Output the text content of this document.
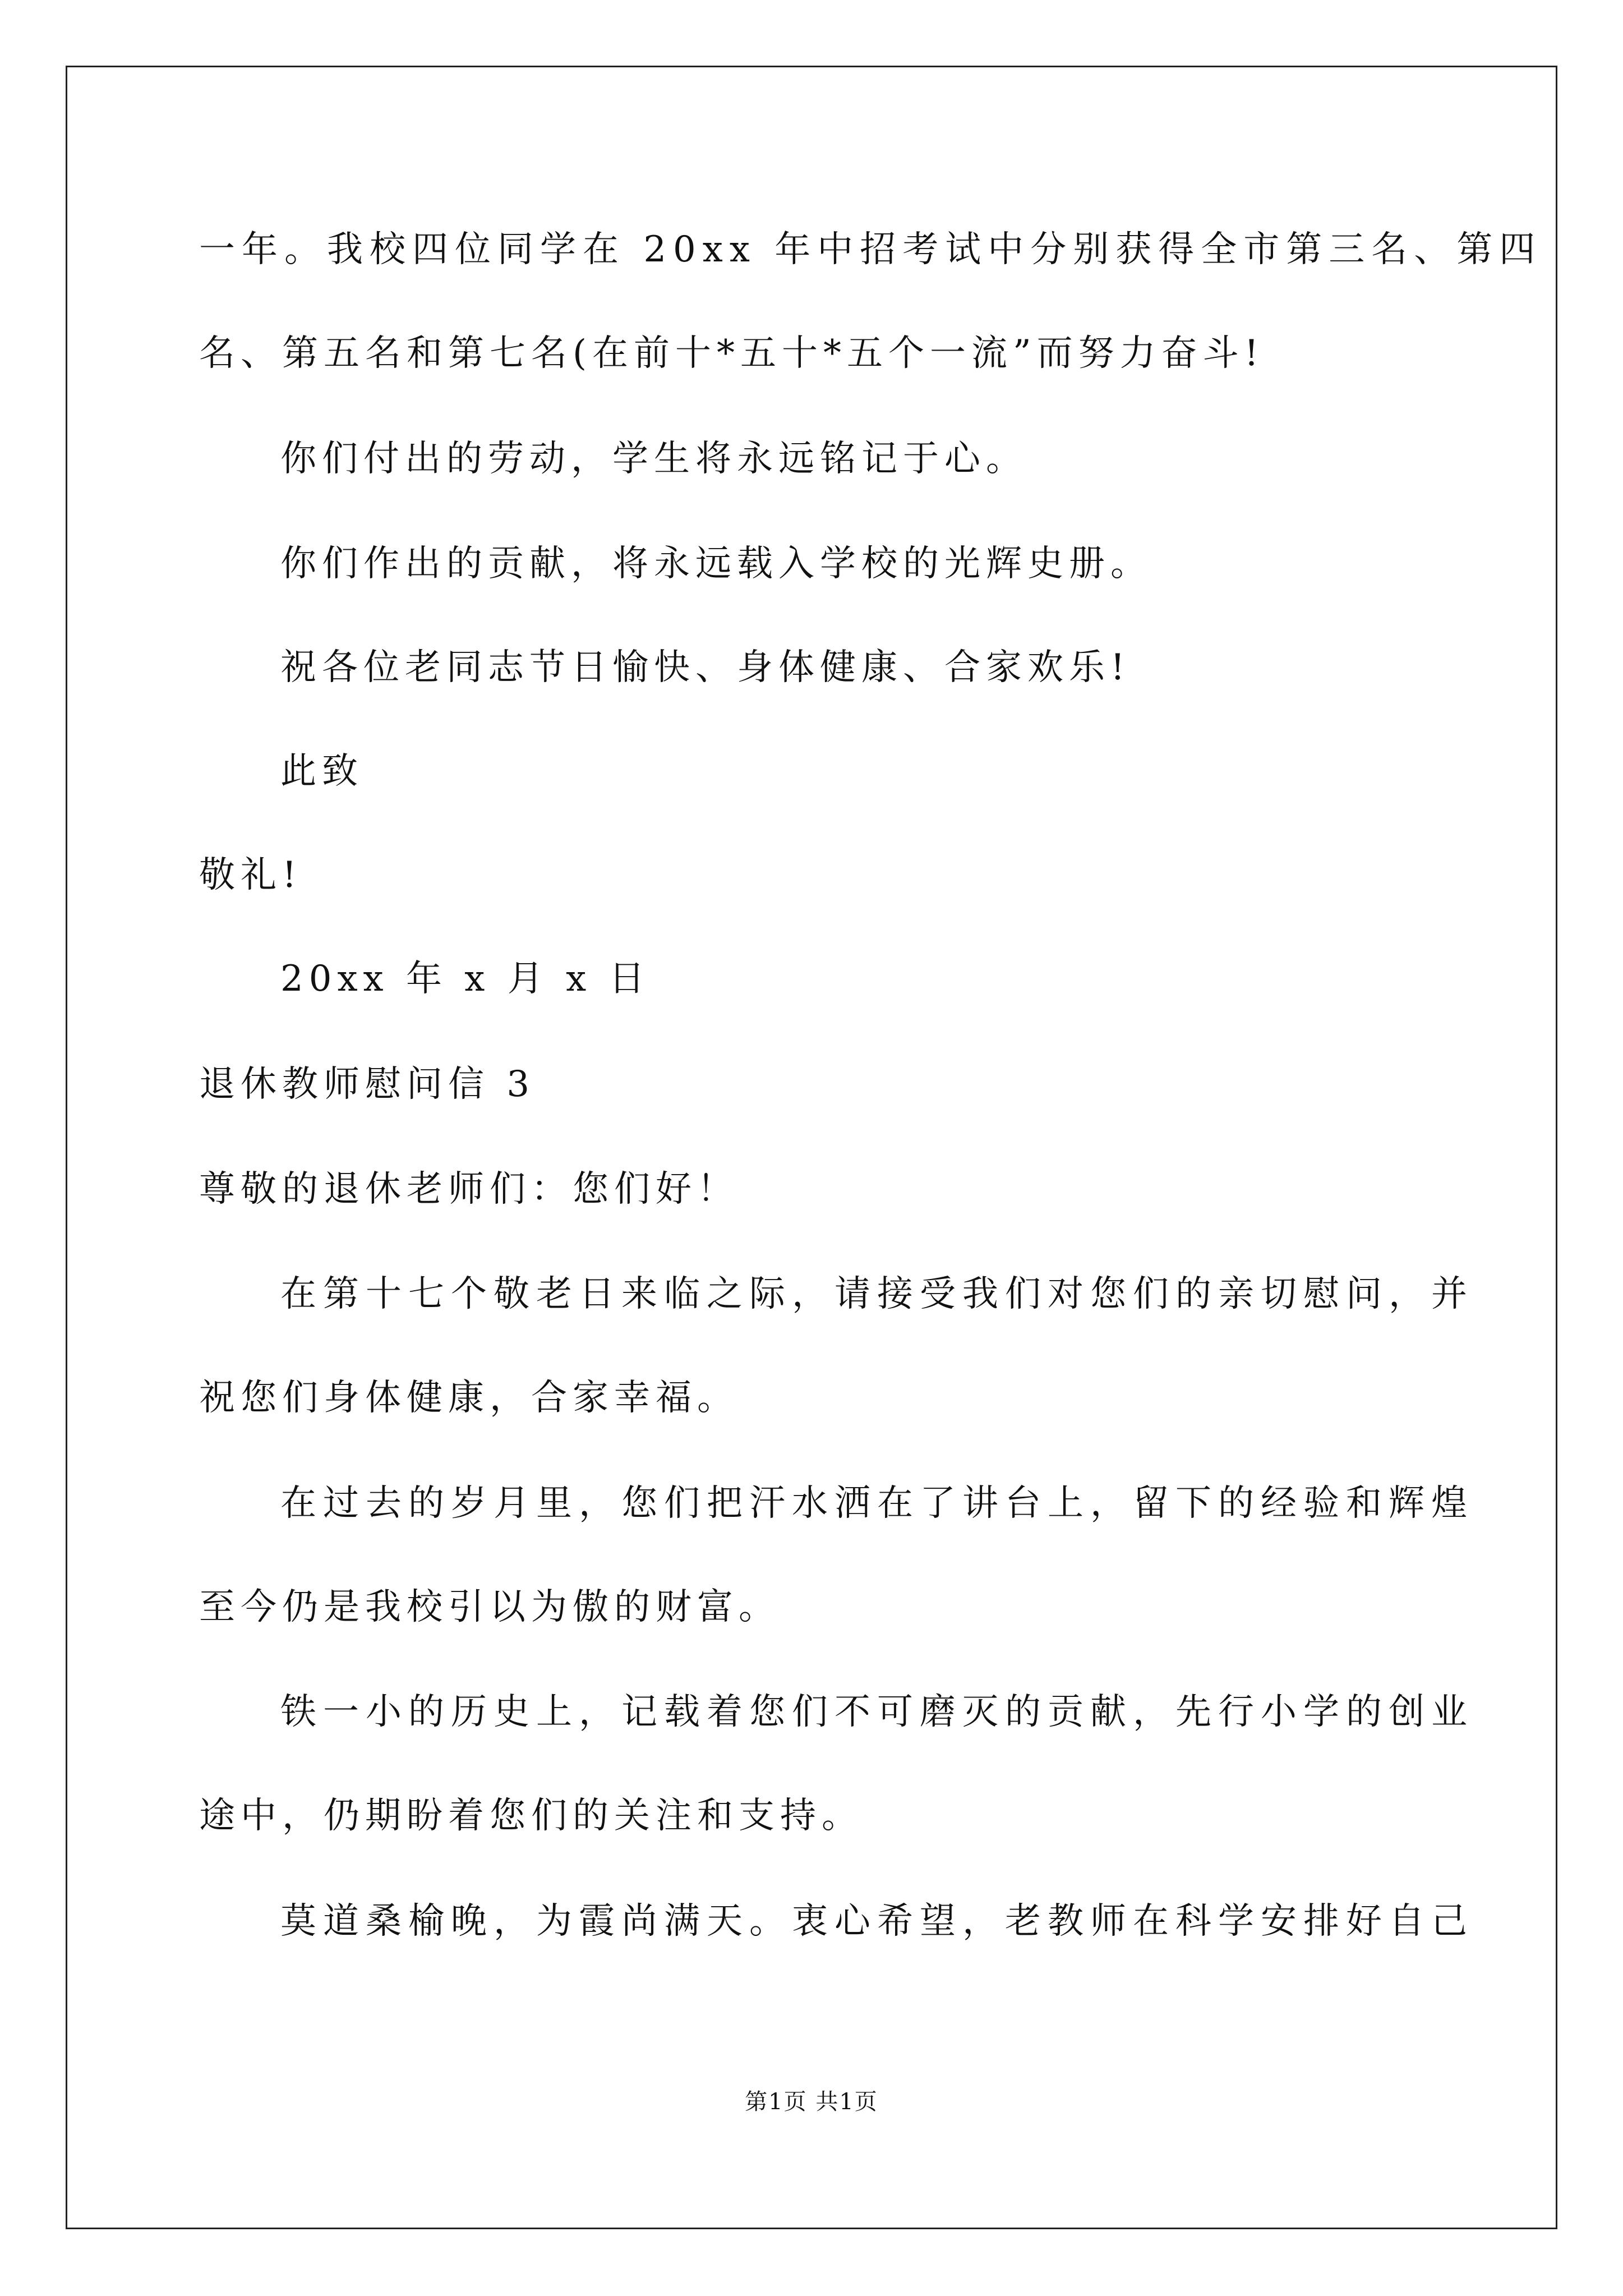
一年。我校四位同学在 20xx 年中招考试中分别获得全市第三名、第四
名、第五名和第七名(在前十*五十*五个一流”而努力奋斗!
你们付出的劳动，学生将永远铭记于心。
你们作出的贡献，将永远载入学校的光辉史册。
祝各位老同志节日愉快、身体健康、合家欢乐!
此致
敬礼!
20xx 年 x 月 x 日
退休教师慰问信 3
尊敬的退休老师们：您们好！
在第十七个敬老日来临之际，请接受我们对您们的亲切慰问，并
祝您们身体健康，合家幸福。
在过去的岁月里，您们把汗水洒在了讲台上，留下的经验和辉煌
至今仍是我校引以为傲的财富。
铁一小的历史上，记载着您们不可磨灭的贡献，先行小学的创业
途中，仍期盼着您们的关注和支持。
莫道桑榆晚，为霞尚满天。衷心希望，老教师在科学安排好自己
第1页 共1页
